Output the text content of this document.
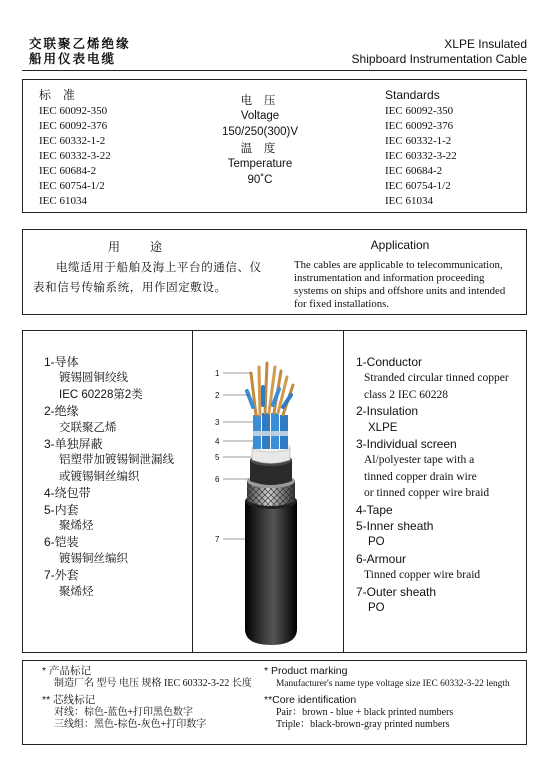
交联聚乙烯绝缘
船用仪表电缆
XLPE Insulated
Shipboard Instrumentation Cable
标 准
IEC 60092-350
IEC 60092-376
IEC 60332-1-2
IEC 60332-3-22
IEC 60684-2
IEC 60754-1/2
IEC 61034
电 压
Voltage
150/250(300)V
温 度
Temperature
90˚C
Standards
IEC 60092-350
IEC 60092-376
IEC 60332-1-2
IEC 60332-3-22
IEC 60684-2
IEC 60754-1/2
IEC 61034
用途
电缆适用于船舶及海上平台的通信、仪表和信号传输系统，用作固定敷设。
Application
The cables are applicable to telecommunication, instrumentation and information proceeding systems on ships and offshore units and intended for fixed installations.
1-导体
镀锡圆铜绞线
IEC 60228第2类
2-绝缘
交联聚乙烯
3-单独屏蔽
铝塑带加镀锡铜泄漏线
或镀锡铜丝编织
4-绕包带
5-内套
聚烯烃
6-铠装
镀锡铜丝编织
7-外套
聚烯烃
1-Conductor
Stranded circular tinned copper
class 2 IEC 60228
2-Insulation
XLPE
3-Individual screen
Al/polyester tape with a
tinned copper drain wire
or tinned copper wire braid
4-Tape
5-Inner sheath
PO
6-Armour
Tinned copper wire braid
7-Outer sheath
PO
1
2
3
4
5
6
7
* 产品标记
制造厂名 型号 电压 规格 IEC 60332-3-22 长度
** 芯线标记
对线：棕色-蓝色+打印黑色数字
三线组：黑色-棕色-灰色+打印数字
* Product marking
Manufacturer's name type voltage size IEC 60332-3-22 length
**Core identification
Pair：brown - blue + black printed numbers
Triple：black-brown-gray printed numbers
